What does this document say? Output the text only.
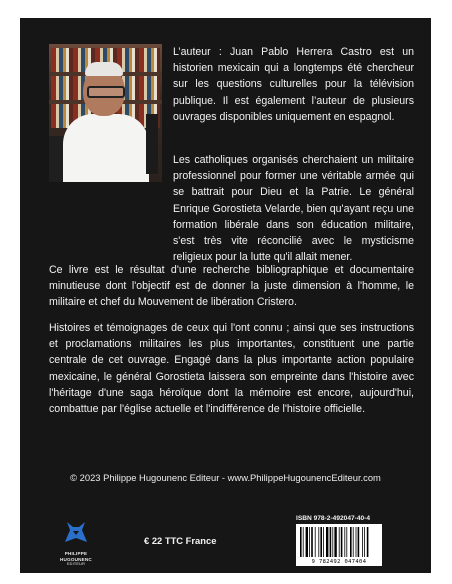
L’auteur : Juan Pablo Herrera Castro est un historien mexicain qui a longtemps été chercheur sur les questions culturelles pour la télévision publique. Il est également l’auteur de plusieurs ouvrages disponibles uniquement en espagnol.

Les catholiques organisés cherchaient un militaire professionnel pour former une véritable armée qui se battrait pour Dieu et la Patrie. Le général Enrique Gorostieta Velarde, bien qu'ayant reçu une formation libérale dans son éducation militaire, s'est très vite réconcilié avec le mysticisme religieux pour la lutte qu'il allait mener.

Ce livre est le résultat d'une recherche bibliographique et documentaire minutieuse dont l'objectif est de donner la juste dimension à l'homme, le militaire et chef du Mouvement de libération Cristero.

Histoires et témoignages de ceux qui l'ont connu ; ainsi que ses instructions et proclamations militaires les plus importantes, constituent une partie centrale de cet ouvrage. Engagé dans la plus importante action populaire mexicaine, le général Gorostieta laissera son empreinte dans l'histoire avec l'héritage d'une saga héroïque dont la mémoire est encore, aujourd'hui, combattue par l'église actuelle et l'indifférence de l'histoire officielle.

© 2023 Philippe Hugounenc Editeur - www.PhilippeHugounencEditeur.com
PHILIPPE
HUGOUNENC
EDITEUR
€ 22 TTC France
ISBN 978-2-492047-40-4
9 782492 047404
